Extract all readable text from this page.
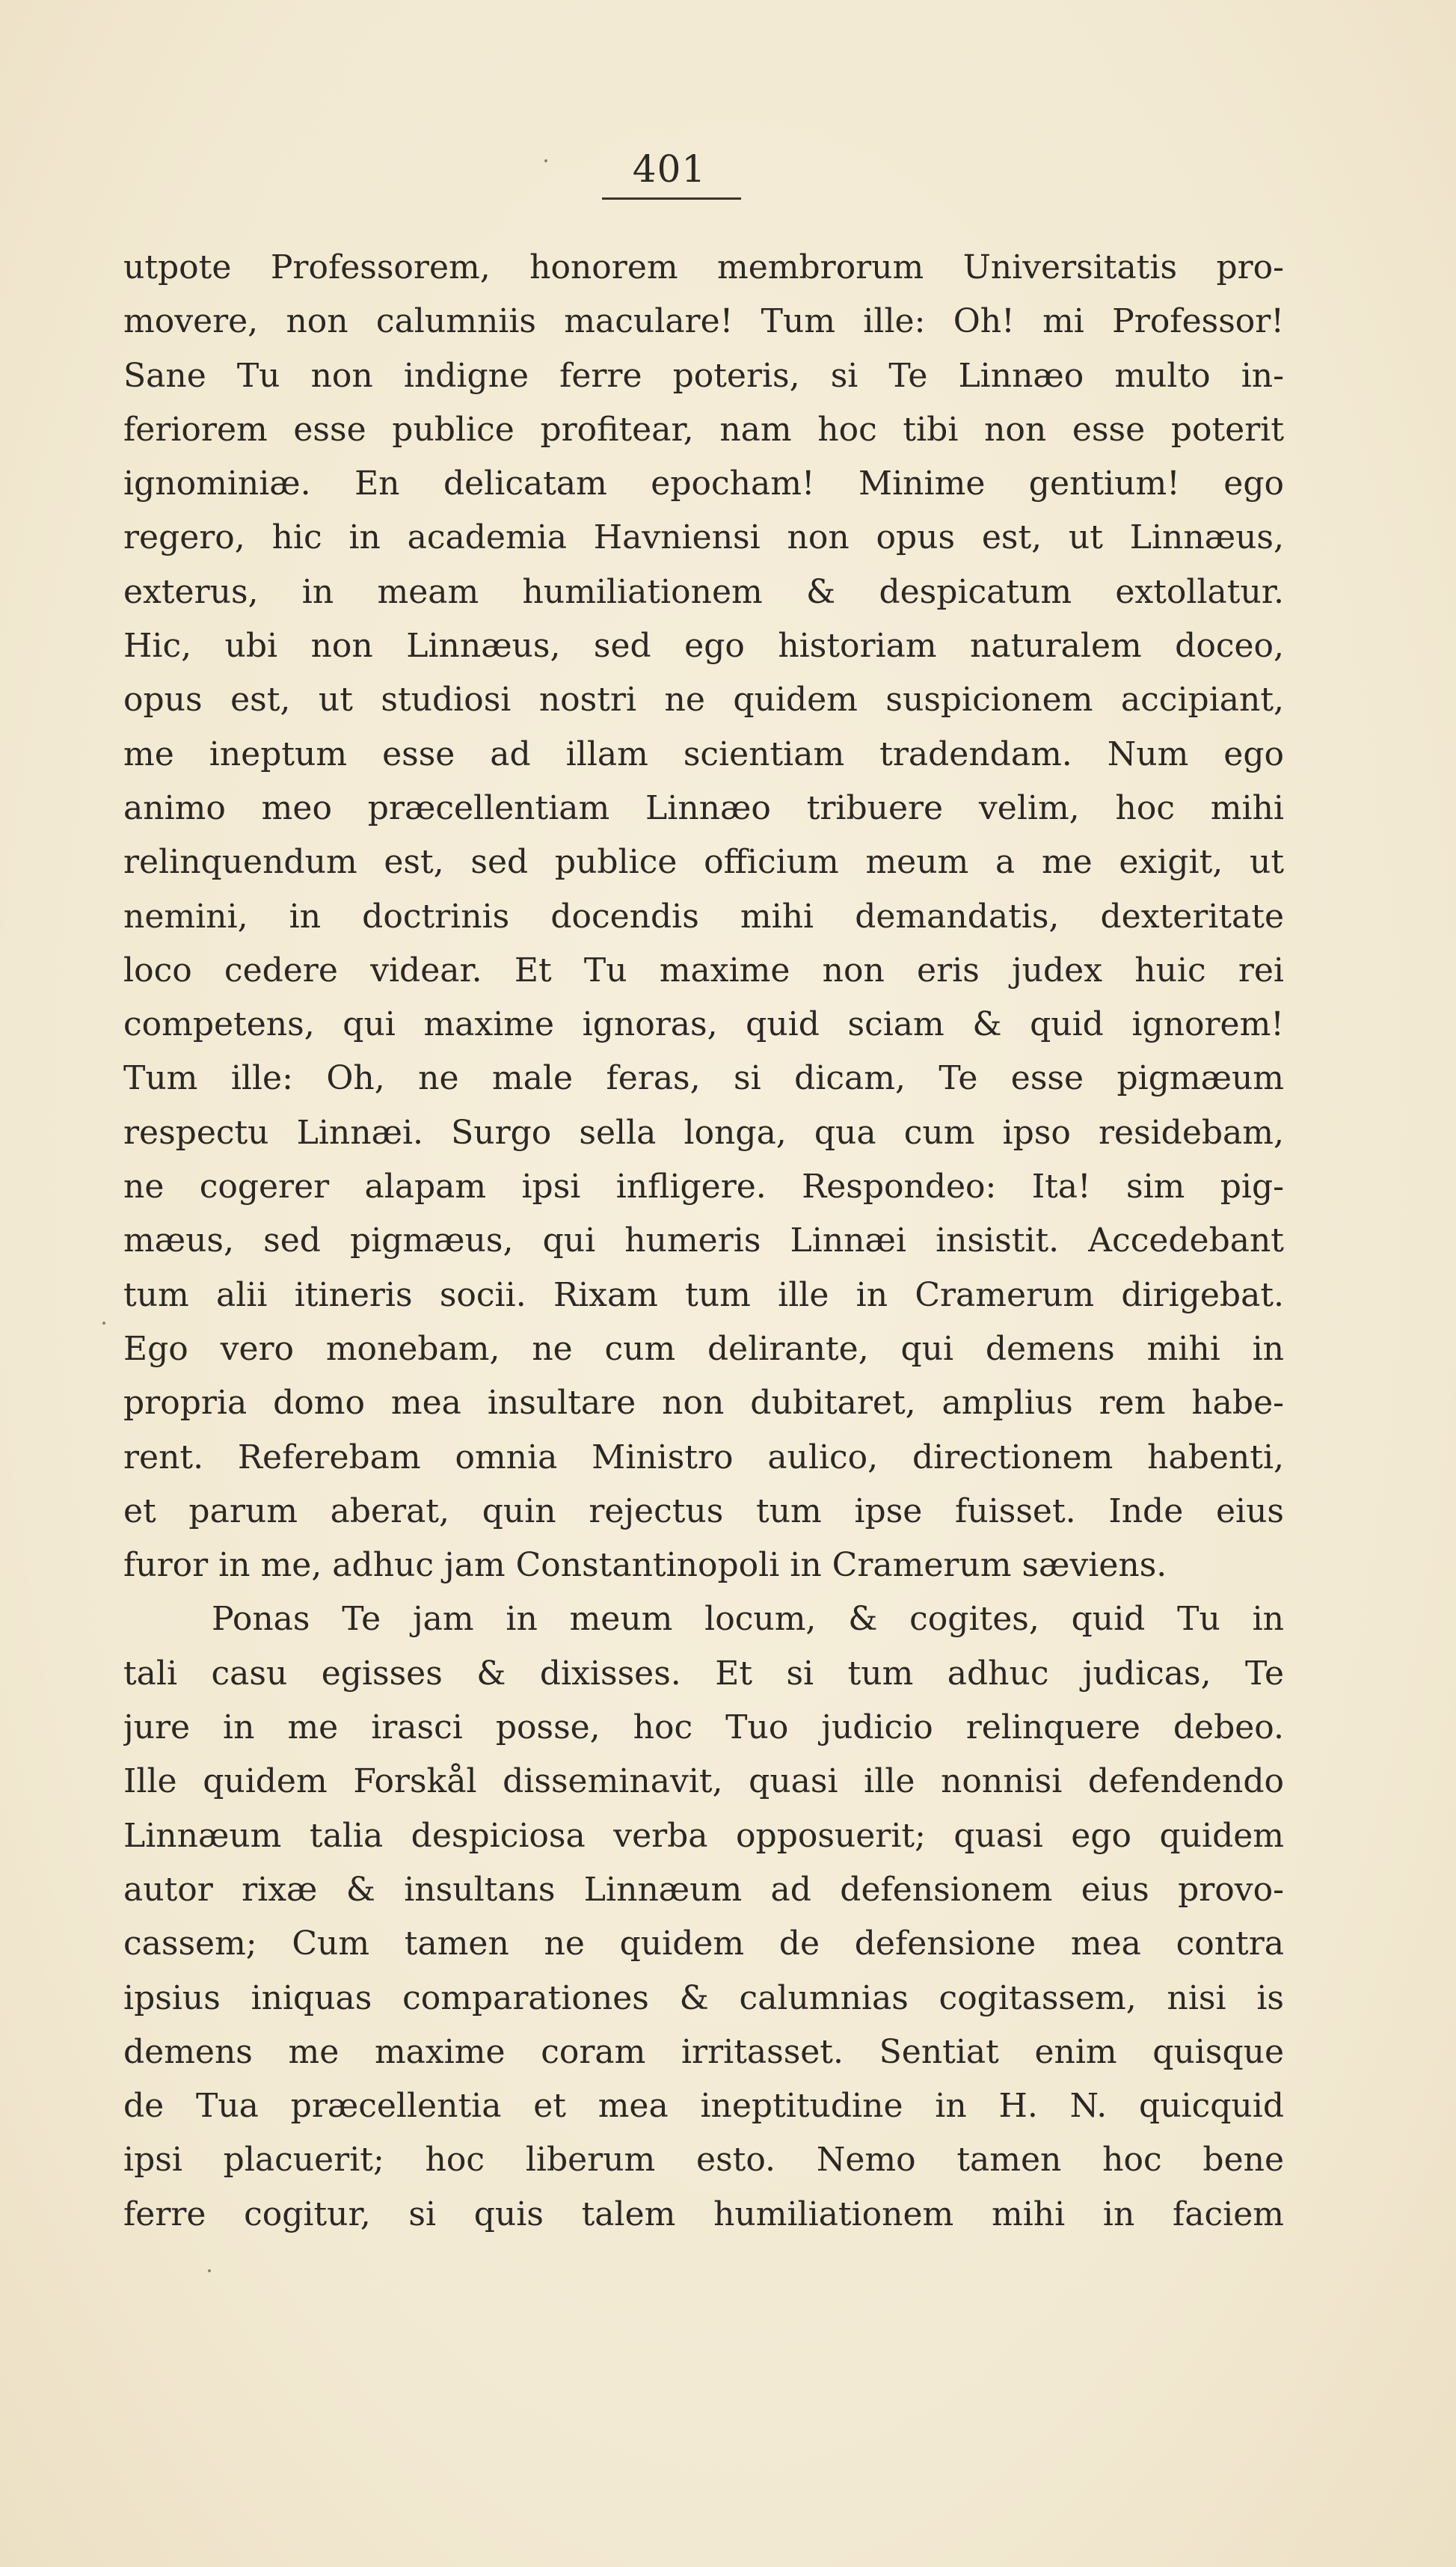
401
utpote Professorem, honorem membrorum Universitatis pro-
movere, non calumniis maculare! Tum ille: Oh! mi Professor!
Sane Tu non indigne ferre poteris, si Te Linnæo multo in-
feriorem esse publice profitear, nam hoc tibi non esse poterit
ignominiæ. En delicatam epocham! Minime gentium! ego
regero, hic in academia Havniensi non opus est, ut Linnæus,
exterus, in meam humiliationem & despicatum extollatur.
Hic, ubi non Linnæus, sed ego historiam naturalem doceo,
opus est, ut studiosi nostri ne quidem suspicionem accipiant,
me ineptum esse ad illam scientiam tradendam. Num ego
animo meo præcellentiam Linnæo tribuere velim, hoc mihi
relinquendum est, sed publice officium meum a me exigit, ut
nemini, in doctrinis docendis mihi demandatis, dexteritate
loco cedere videar. Et Tu maxime non eris judex huic rei
competens, qui maxime ignoras, quid sciam & quid ignorem!
Tum ille: Oh, ne male feras, si dicam, Te esse pigmæum
respectu Linnæi. Surgo sella longa, qua cum ipso residebam,
ne cogerer alapam ipsi infligere. Respondeo: Ita! sim pig-
mæus, sed pigmæus, qui humeris Linnæi insistit. Accedebant
tum alii itineris socii. Rixam tum ille in Cramerum dirigebat.
Ego vero monebam, ne cum delirante, qui demens mihi in
propria domo mea insultare non dubitaret, amplius rem habe-
rent. Referebam omnia Ministro aulico, directionem habenti,
et parum aberat, quin rejectus tum ipse fuisset. Inde eius
furor in me, adhuc jam Constantinopoli in Cramerum sæviens.
Ponas Te jam in meum locum, & cogites, quid Tu in
tali casu egisses & dixisses. Et si tum adhuc judicas, Te
jure in me irasci posse, hoc Tuo judicio relinquere debeo.
Ille quidem Forskål disseminavit, quasi ille nonnisi defendendo
Linnæum talia despiciosa verba opposuerit; quasi ego quidem
autor rixæ & insultans Linnæum ad defensionem eius provo-
cassem; Cum tamen ne quidem de defensione mea contra
ipsius iniquas comparationes & calumnias cogitassem, nisi is
demens me maxime coram irritasset. Sentiat enim quisque
de Tua præcellentia et mea ineptitudine in H. N. quicquid
ipsi placuerit; hoc liberum esto. Nemo tamen hoc bene
ferre cogitur, si quis talem humiliationem mihi in faciem
